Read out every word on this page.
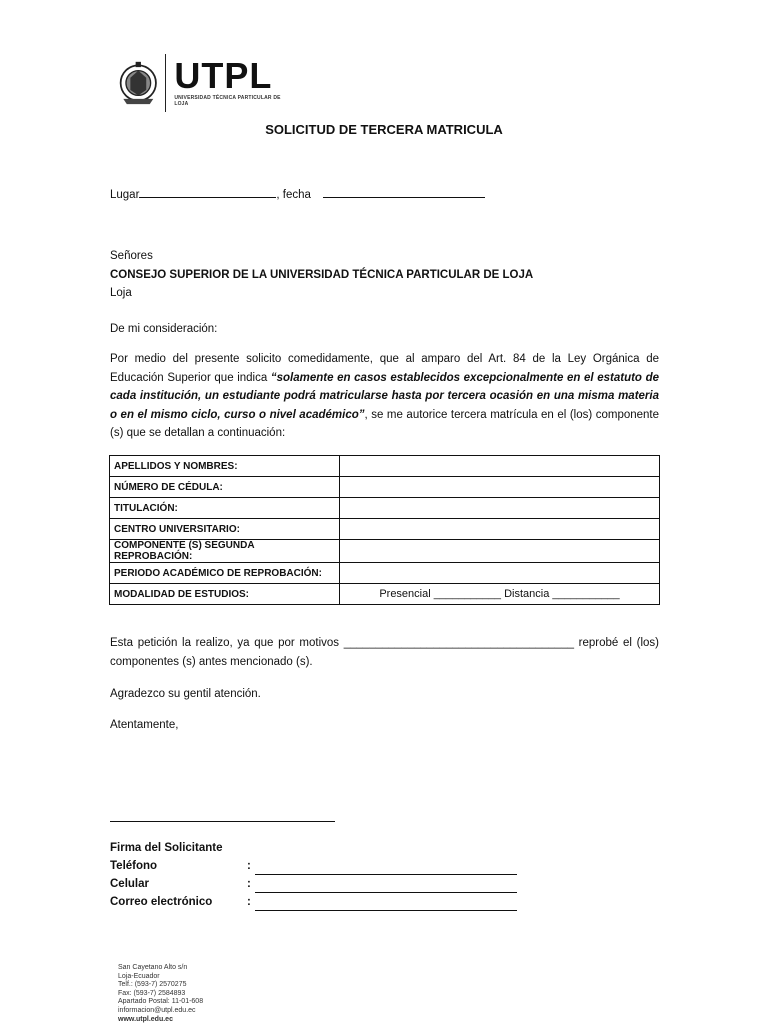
UTPL
UNIVERSIDAD TÉCNICA PARTICULAR DE LOJA
SOLICITUD DE TERCERA MATRICULA
Lugar	, fecha
Señores
CONSEJO SUPERIOR DE LA UNIVERSIDAD TÉCNICA PARTICULAR DE LOJA
Loja
De mi consideración:
Por medio del presente solicito comedidamente, que al amparo del Art. 84 de la Ley Orgánica de Educación Superior que indica “solamente en casos establecidos excepcionalmente en el estatuto de cada institución, un estudiante podrá matricularse hasta por tercera ocasión en una misma materia o en el mismo ciclo, curso o nivel académico”, se me autorice tercera matrícula en el (los) componente (s) que se detallan a continuación:
APELLIDOS Y NOMBRES:	
NÚMERO DE CÉDULA:	
TITULACIÓN:	
CENTRO UNIVERSITARIO:	
COMPONENTE (S) SEGUNDA REPROBACIÓN:	
PERIODO ACADÉMICO DE REPROBACIÓN:	
MODALIDAD DE ESTUDIOS:	Presencial ___________ Distancia ___________
Esta petición la realizo, ya que por motivos ____________________________________ reprobé el (los) componentes (s) antes mencionado (s).
Agradezco su gentil atención.
Atentamente,
Firma del Solicitante
Teléfono	:
Celular	:
Correo electrónico	:
San Cayetano Alto s/n
Loja-Ecuador
Telf.: (593-7) 2570275
Fax: (593-7) 2584893
Apartado Postal: 11-01-608
informacion@utpl.edu.ec
www.utpl.edu.ec
